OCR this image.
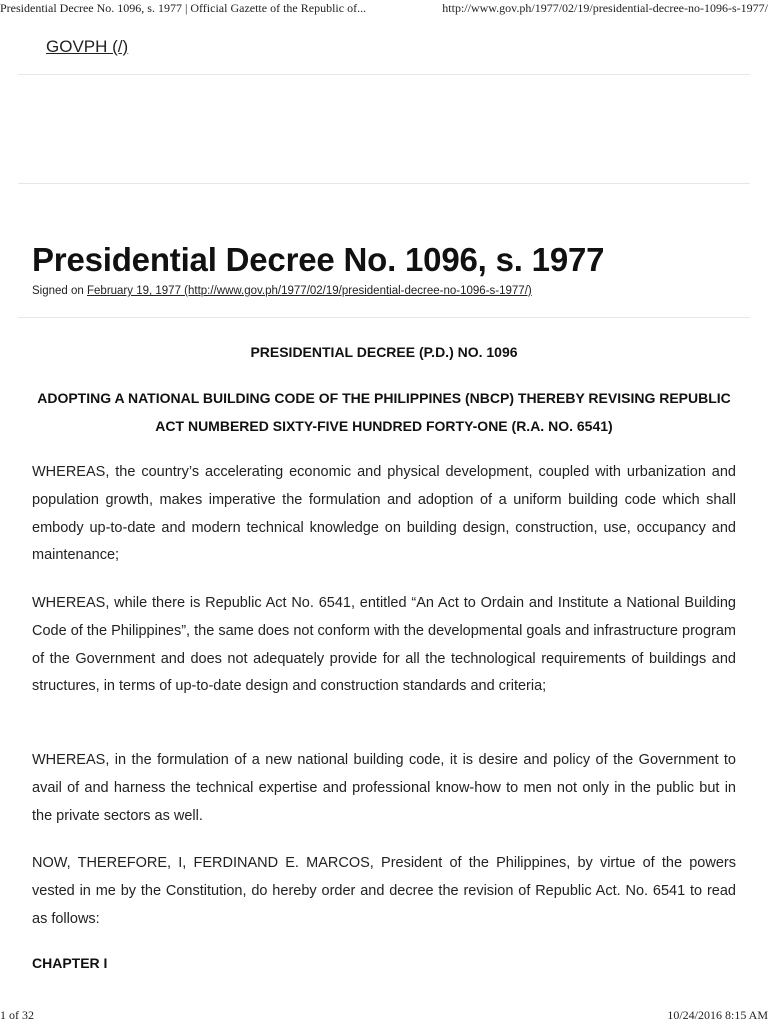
Presidential Decree No. 1096, s. 1977 | Official Gazette of the Republic of...	http://www.gov.ph/1977/02/19/presidential-decree-no-1096-s-1977/
GOVPH (/)
Presidential Decree No. 1096, s. 1977
Signed on February 19, 1977 (http://www.gov.ph/1977/02/19/presidential-decree-no-1096-s-1977/)

PRESIDENTIAL DECREE (P.D.) NO. 1096

ADOPTING A NATIONAL BUILDING CODE OF THE PHILIPPINES (NBCP) THEREBY REVISING REPUBLIC ACT NUMBERED SIXTY-FIVE HUNDRED FORTY-ONE (R.A. NO. 6541)

WHEREAS, the country’s accelerating economic and physical development, coupled with urbanization and population growth, makes imperative the formulation and adoption of a uniform building code which shall embody up-to-date and modern technical knowledge on building design, construction, use, occupancy and maintenance;

WHEREAS, while there is Republic Act No. 6541, entitled “An Act to Ordain and Institute a National Building Code of the Philippines”, the same does not conform with the developmental goals and infrastructure program of the Government and does not adequately provide for all the technological requirements of buildings and structures, in terms of up-to-date design and construction standards and criteria;

WHEREAS, in the formulation of a new national building code, it is desire and policy of the Government to avail of and harness the technical expertise and professional know-how to men not only in the public but in the private sectors as well.

NOW, THEREFORE, I, FERDINAND E. MARCOS, President of the Philippines, by virtue of the powers vested in me by the Constitution, do hereby order and decree the revision of Republic Act. No. 6541 to read as follows:

CHAPTER I

1 of 32	10/24/2016 8:15 AM
